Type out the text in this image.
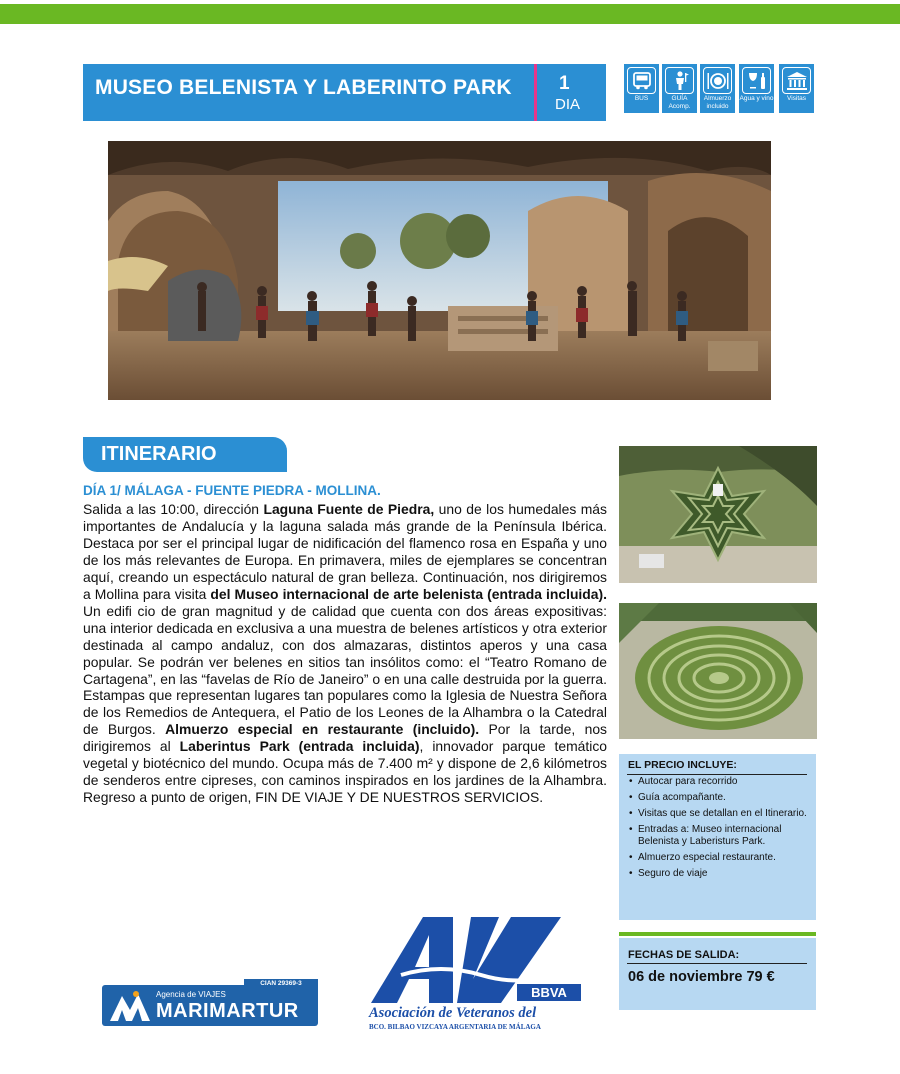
MUSEO BELENISTA Y LABERINTO PARK 1
DIA	BUS	GUÍA Acomp.
Almuerzo incluido
Agua y vino	Visitas
ITINERARIO
DÍA 1/ MÁLAGA - FUENTE PIEDRA - MOLLINA.
Salida a las 10:00, dirección Laguna Fuente de Piedra, uno de los humedales más importantes de Andalucía y la laguna salada más grande de la Península Ibérica. Destaca por ser el principal lugar de nidificación del flamenco rosa en España y uno de los más relevantes de Europa. En primavera, miles de ejemplares se concentran aquí, creando un espectáculo natural de gran belleza. Continuación, nos dirigiremos a Mollina para visita del Museo internacional de arte belenista (entrada incluida). Un edifi cio de gran magnitud y de calidad que cuenta con dos áreas expositivas: una interior dedicada en exclusiva a una muestra de belenes artísticos y otra exterior destinada al campo andaluz, con dos almazaras, distintos aperos y una casa popular. Se podrán ver belenes en sitios tan insólitos como: el “Teatro Romano de Cartagena”, en las “favelas de Río de Janeiro” o en una calle destruida por la guerra. Estampas que representan lugares tan populares como la Iglesia de Nuestra Señora de los Remedios de Antequera, el Patio de los Leones de la Alhambra o la Catedral de Burgos. Almuerzo especial en restaurante (incluido). Por la tarde, nos dirigiremos al Laberintus Park (entrada incluida), innovador parque temático vegetal y biotécnico del mundo. Ocupa más de 7.400 m² y dispone de 2,6 kilómetros de senderos entre cipreses, con caminos inspirados en los jardines de la Alhambra. Regreso a punto de origen, FIN DE VIAJE Y DE NUESTROS SERVICIOS.
EL PRECIO INCLUYE:
• Autocar para recorrido
• Guía acompañante.
• Visitas que se detallan en el Itinerario.
• Entradas a: Museo internacional Belenista y Laberisturs Park.
• Almuerzo especial restaurante.
• Seguro de viaje
FECHAS DE SALIDA:
06 de noviembre 79 €
Agencia de VIAJES
MARIMARTUR
CIAN 29369-3
BBVA
Asociación de Veteranos del
BCO. BILBAO VIZCAYA ARGENTARIA DE MÁLAGA
